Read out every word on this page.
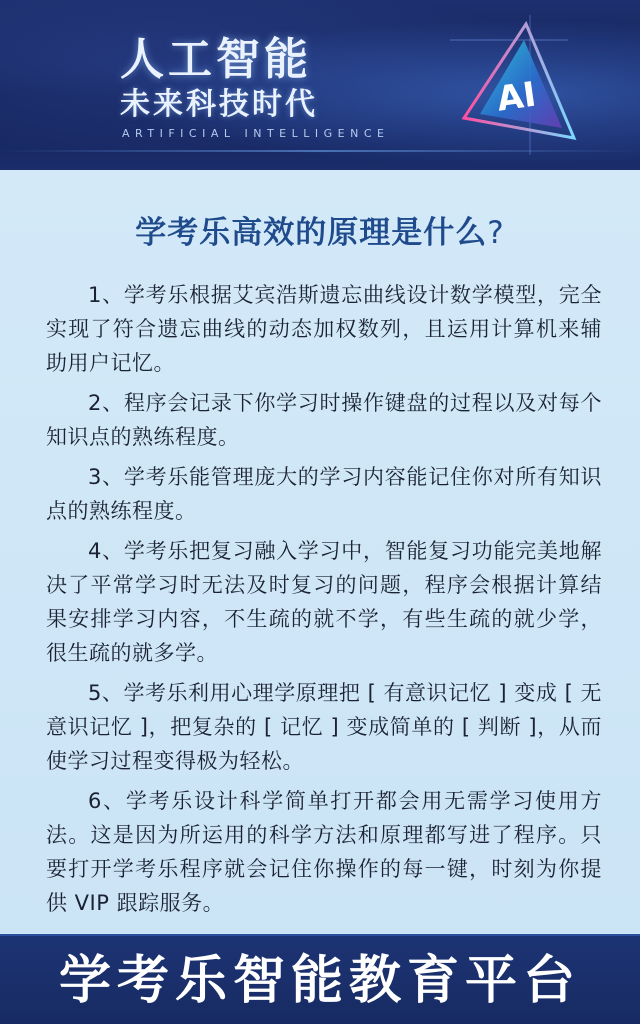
人工智能
未来科技时代
ARTIFICIAL INTELLIGENCE
AI
学考乐高效的原理是什么?
1、学考乐根据艾宾浩斯遗忘曲线设计数学模型，完全实现了符合遗忘曲线的动态加权数列，且运用计算机来辅助用户记忆。
2、程序会记录下你学习时操作键盘的过程以及对每个知识点的熟练程度。
3、学考乐能管理庞大的学习内容能记住你对所有知识点的熟练程度。
4、学考乐把复习融入学习中，智能复习功能完美地解决了平常学习时无法及时复习的问题，程序会根据计算结果安排学习内容，不生疏的就不学，有些生疏的就少学，很生疏的就多学。
5、学考乐利用心理学原理把 [ 有意识记忆 ] 变成 [ 无意识记忆 ]，把复杂的 [ 记忆 ] 变成简单的 [ 判断 ]，从而使学习过程变得极为轻松。
6、学考乐设计科学简单打开都会用无需学习使用方法。这是因为所运用的科学方法和原理都写进了程序。只要打开学考乐程序就会记住你操作的每一键，时刻为你提供 VIP 跟踪服务。
学考乐智能教育平台
